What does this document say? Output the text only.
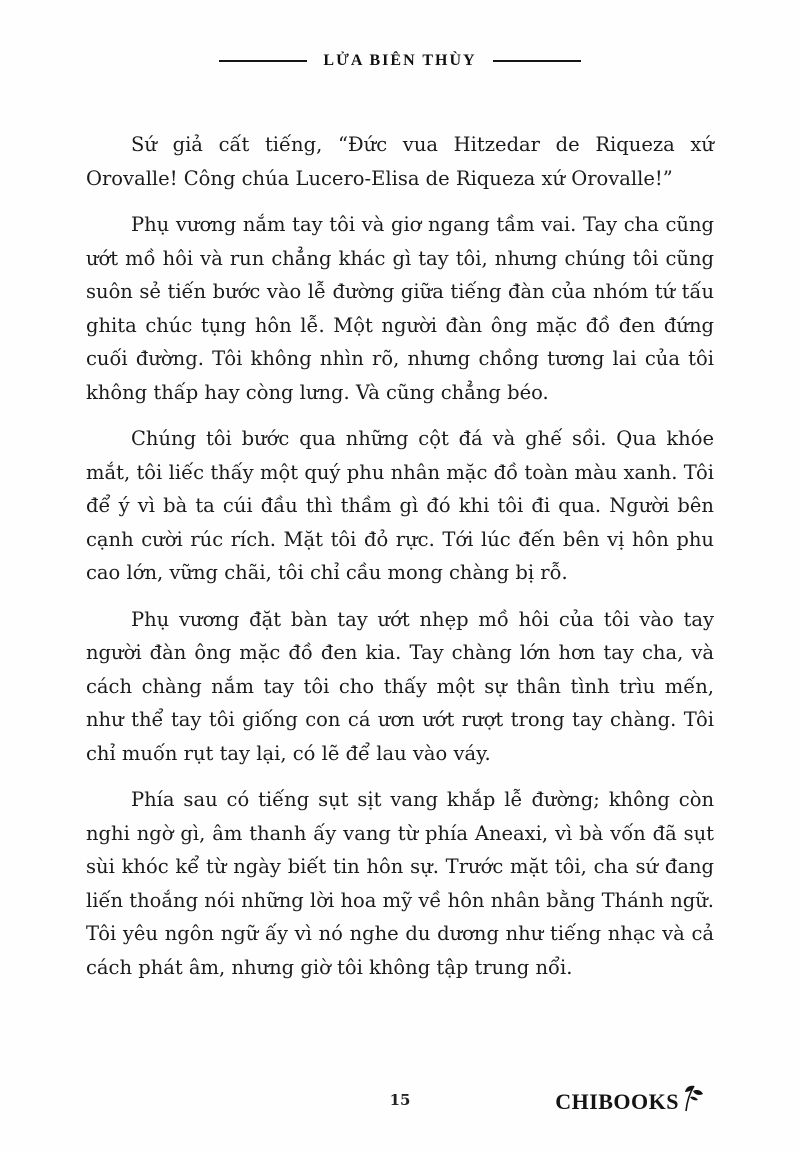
LỬA BIÊN THÙY

Sứ giả cất tiếng, “Đức vua Hitzedar de Riqueza xứ Orovalle! Công chúa Lucero-Elisa de Riqueza xứ Orovalle!”

Phụ vương nắm tay tôi và giơ ngang tầm vai. Tay cha cũng ướt mồ hôi và run chẳng khác gì tay tôi, nhưng chúng tôi cũng suôn sẻ tiến bước vào lễ đường giữa tiếng đàn của nhóm tứ tấu ghita chúc tụng hôn lễ. Một người đàn ông mặc đồ đen đứng cuối đường. Tôi không nhìn rõ, nhưng chồng tương lai của tôi không thấp hay còng lưng. Và cũng chẳng béo.

Chúng tôi bước qua những cột đá và ghế sồi. Qua khóe mắt, tôi liếc thấy một quý phu nhân mặc đồ toàn màu xanh. Tôi để ý vì bà ta cúi đầu thì thầm gì đó khi tôi đi qua. Người bên cạnh cười rúc rích. Mặt tôi đỏ rực. Tới lúc đến bên vị hôn phu cao lớn, vững chãi, tôi chỉ cầu mong chàng bị rỗ.

Phụ vương đặt bàn tay ướt nhẹp mồ hôi của tôi vào tay người đàn ông mặc đồ đen kia. Tay chàng lớn hơn tay cha, và cách chàng nắm tay tôi cho thấy một sự thân tình trìu mến, như thể tay tôi giống con cá ươn ướt rượt trong tay chàng. Tôi chỉ muốn rụt tay lại, có lẽ để lau vào váy.

Phía sau có tiếng sụt sịt vang khắp lễ đường; không còn nghi ngờ gì, âm thanh ấy vang từ phía Aneaxi, vì bà vốn đã sụt sùi khóc kể từ ngày biết tin hôn sự. Trước mặt tôi, cha sứ đang liến thoắng nói những lời hoa mỹ về hôn nhân bằng Thánh ngữ. Tôi yêu ngôn ngữ ấy vì nó nghe du dương như tiếng nhạc và cả cách phát âm, nhưng giờ tôi không tập trung nổi.

15	CHIBOOKS
